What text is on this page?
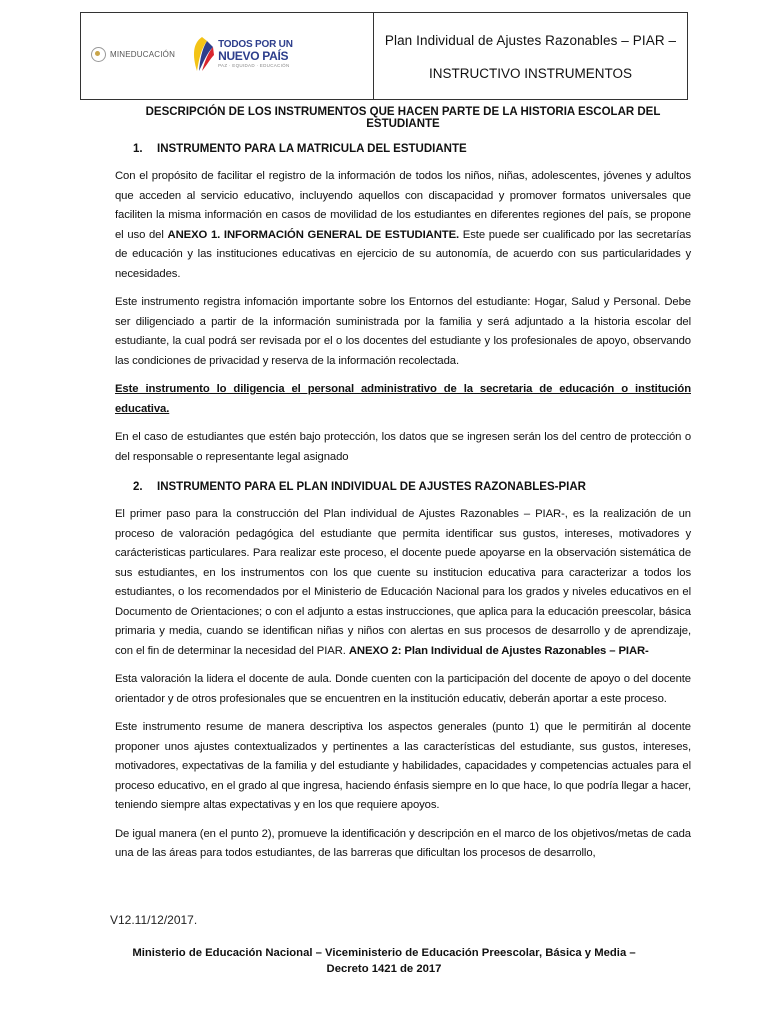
MINEDUCACIÓN
TODOS POR UN
NUEVO PAÍS
PAZ · EQUIDAD · EDUCACIÓN
Plan Individual de Ajustes Razonables – PIAR –
INSTRUCTIVO INSTRUMENTOS
DESCRIPCIÓN DE LOS INSTRUMENTOS QUE HACEN PARTE DE LA HISTORIA ESCOLAR DEL ESTUDIANTE
1. INSTRUMENTO PARA LA MATRICULA DEL ESTUDIANTE

Con el propósito de facilitar el registro de la información de todos los niños, niñas, adolescentes, jóvenes y adultos que acceden al servicio educativo, incluyendo aquellos con discapacidad y promover formatos universales que faciliten la misma información en casos de movilidad de los estudiantes en diferentes regiones del país, se propone el uso del ANEXO 1. INFORMACIÓN GENERAL DE ESTUDIANTE. Este puede ser cualificado por las secretarías de educación y las instituciones educativas en ejercicio de su autonomía, de acuerdo con sus particularidades y necesidades.

Este instrumento registra infomación importante sobre los Entornos del estudiante: Hogar, Salud y Personal. Debe ser diligenciado a partir de la información suministrada por la familia y será adjuntado a la historia escolar del estudiante, la cual podrá ser revisada por el o los docentes del estudiante y los profesionales de apoyo, observando las condiciones de privacidad y reserva de la información recolectada.

Este instrumento lo diligencia el personal administrativo de la secretaria de educación o institución educativa.

En el caso de estudiantes que estén bajo protección, los datos que se ingresen serán los del centro de protección o del responsable o representante legal asignado

2. INSTRUMENTO PARA EL PLAN INDIVIDUAL DE AJUSTES RAZONABLES-PIAR

El primer paso para la construcción del Plan individual de Ajustes Razonables – PIAR-, es la realización de un proceso de valoración pedagógica del estudiante que permita identificar sus gustos, intereses, motivadores y carácteristicas particulares. Para realizar este proceso, el docente puede apoyarse en la observación sistemática de sus estudiantes, en los instrumentos con los que cuente su institucion educativa para caracterizar a todos los estudiantes, o los recomendados por el Ministerio de Educación Nacional para los grados y niveles educativos en el Documento de Orientaciones; o con el adjunto a estas instrucciones, que aplica para la educación preescolar, básica primaria y media, cuando se identifican niñas y niños con alertas en sus procesos de desarrollo y de aprendizaje, con el fin de determinar la necesidad del PIAR. ANEXO 2: Plan Individual de Ajustes Razonables – PIAR-

Esta valoración la lidera el docente de aula. Donde cuenten con la participación del docente de apoyo o del docente orientador y de otros profesionales que se encuentren en la institución educativ, deberán aportar a este proceso.

Este instrumento resume de manera descriptiva los aspectos generales (punto 1) que le permitirán al docente proponer unos ajustes contextualizados y pertinentes a las características del estudiante, sus gustos, intereses, motivadores, expectativas de la familia y del estudiante y habilidades, capacidades y competencias actuales para el proceso educativo, en el grado al que ingresa, haciendo énfasis siempre en lo que hace, lo que podría llegar a hacer, teniendo siempre altas expectativas y en los que requiere apoyos.

De igual manera (en el punto 2), promueve la identificación y descripción en el marco de los objetivos/metas de cada una de las áreas para todos estudiantes, de las barreras que dificultan los procesos de desarrollo,

V12.11/12/2017.
Ministerio de Educación Nacional – Viceministerio de Educación Preescolar, Básica y Media – Decreto 1421 de 2017
